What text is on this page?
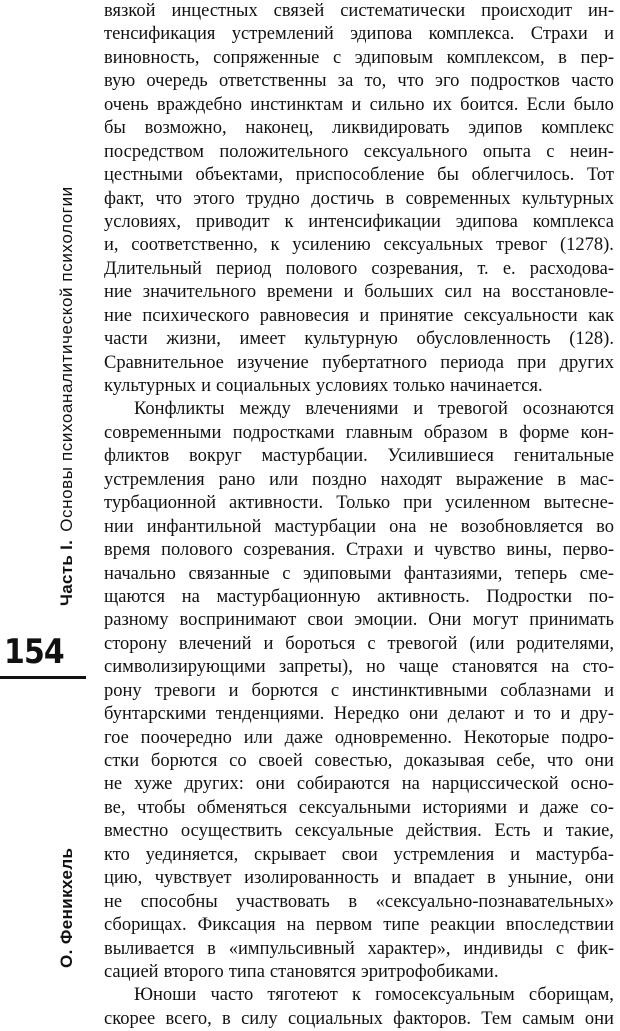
Часть I.
Основы психоаналитической психологии
154
О. Феникхель
вязкой инцестных связей систематически происходит ин-
тенсификация устремлений эдипова комплекса. Страхи и
виновность, сопряженные с эдиповым комплексом, в пер-
вую очередь ответственны за то, что эго подростков часто
очень враждебно инстинктам и сильно их боится. Если было
бы возможно, наконец, ликвидировать эдипов комплекс
посредством положительного сексуального опыта с неин-
цестными объектами, приспособление бы облегчилось. Тот
факт, что этого трудно достичь в современных культурных
условиях, приводит к интенсификации эдипова комплекса
и, соответственно, к усилению сексуальных тревог (1278).
Длительный период полового созревания, т. е. расходова-
ние значительного времени и больших сил на восстановле-
ние психического равновесия и принятие сексуальности как
части жизни, имеет культурную обусловленность (128).
Сравнительное изучение пубертатного периода при других
культурных и социальных условиях только начинается.
Конфликты между влечениями и тревогой осознаются
современными подростками главным образом в форме кон-
фликтов вокруг мастурбации. Усилившиеся генитальные
устремления рано или поздно находят выражение в мас-
турбационной активности. Только при усиленном вытесне-
нии инфантильной мастурбации она не возобновляется во
время полового созревания. Страхи и чувство вины, перво-
начально связанные с эдиповыми фантазиями, теперь сме-
щаются на мастурбационную активность. Подростки по-
разному воспринимают свои эмоции. Они могут принимать
сторону влечений и бороться с тревогой (или родителями,
символизирующими запреты), но чаще становятся на сто-
рону тревоги и борются с инстинктивными соблазнами и
бунтарскими тенденциями. Нередко они делают и то и дру-
гое поочередно или даже одновременно. Некоторые подро-
стки борются со своей совестью, доказывая себе, что они
не хуже других: они собираются на нарциссической осно-
ве, чтобы обменяться сексуальными историями и даже со-
вместно осуществить сексуальные действия. Есть и такие,
кто уединяется, скрывает свои устремления и мастурба-
цию, чувствует изолированность и впадает в уныние, они
не способны участвовать в «сексуально-познавательных»
сборищах. Фиксация на первом типе реакции впоследствии
выливается в «импульсивный характер», индивиды с фик-
сацией второго типа становятся эритрофобиками.
Юноши часто тяготеют к гомосексуальным сборищам,
скорее всего, в силу социальных факторов. Тем самым они
